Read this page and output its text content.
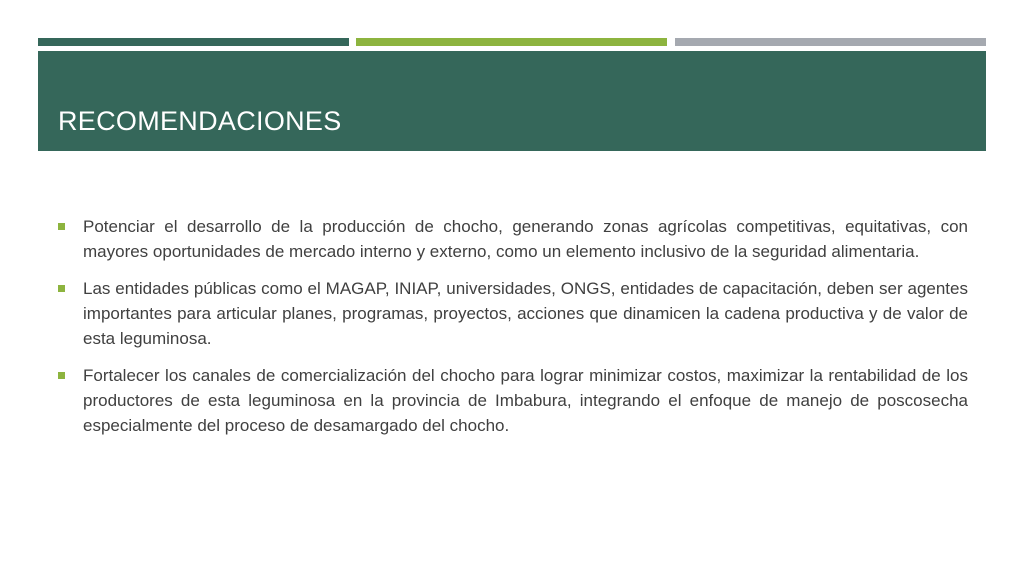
RECOMENDACIONES
Potenciar el desarrollo de la producción de chocho, generando zonas agrícolas competitivas, equitativas, con mayores oportunidades de mercado interno y externo, como un elemento inclusivo de la seguridad alimentaria.
Las entidades públicas como el MAGAP, INIAP, universidades, ONGS, entidades de capacitación, deben ser agentes importantes para articular planes, programas, proyectos, acciones que dinamicen la cadena productiva y de valor de esta leguminosa.
Fortalecer los canales de comercialización del chocho para lograr minimizar costos, maximizar la rentabilidad de los productores de esta leguminosa en la provincia de Imbabura, integrando el enfoque de manejo de poscosecha especialmente del proceso de desamargado del chocho.
